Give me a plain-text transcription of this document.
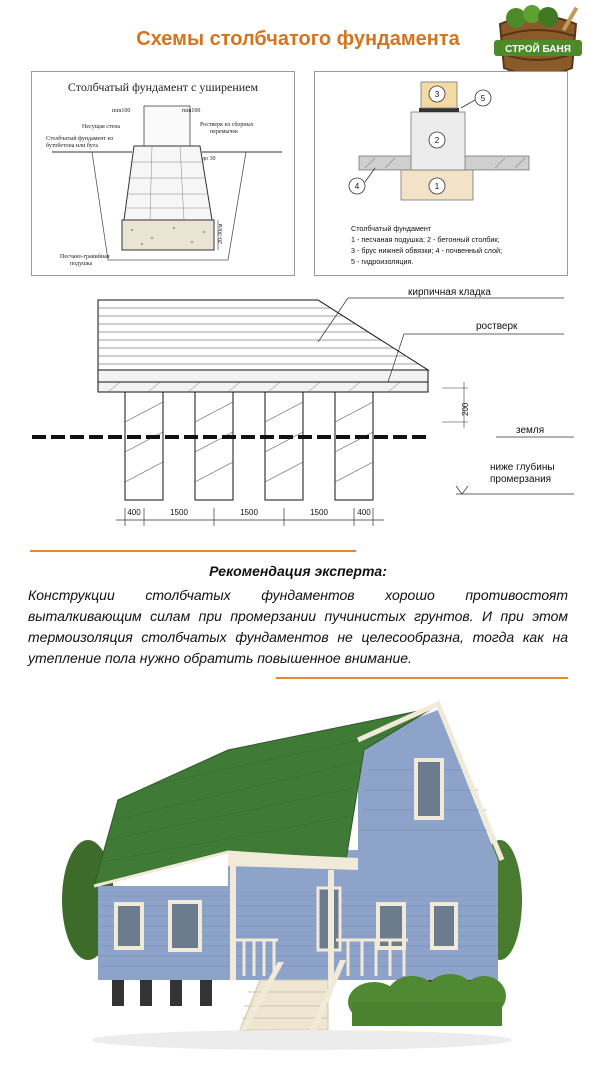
Схемы столбчатого фундамента	СТРОЙ БАНЯ
Столбчатый фундамент с уширением
min100	min100
Несущая стена
Столбчатый фундамент из
бутобетона или бута
Ростверк из сборных
перемычек
до 30
Песчано-гравийная
подушка
20-30см
1
2
3
4
5
Столбчатый фундамент
1 - песчаная подушка; 2 - бетонный столбик;
3 - брус нижней обвязки; 4 - почвенный слой;
5 - гидроизоляция.
200
кирпичная кладка
ростверк
земля
ниже глубины
промерзания
400	1500	1500	1500	400
Рекомендация эксперта:
Конструкции столбчатых фундаментов хорошо противостоят выталкивающим силам при промерзании пучинистых грунтов. И при этом термоизоляция столбчатых фундаментов не целесообразна, тогда как на утепление пола нужно обратить повышенное внимание.
